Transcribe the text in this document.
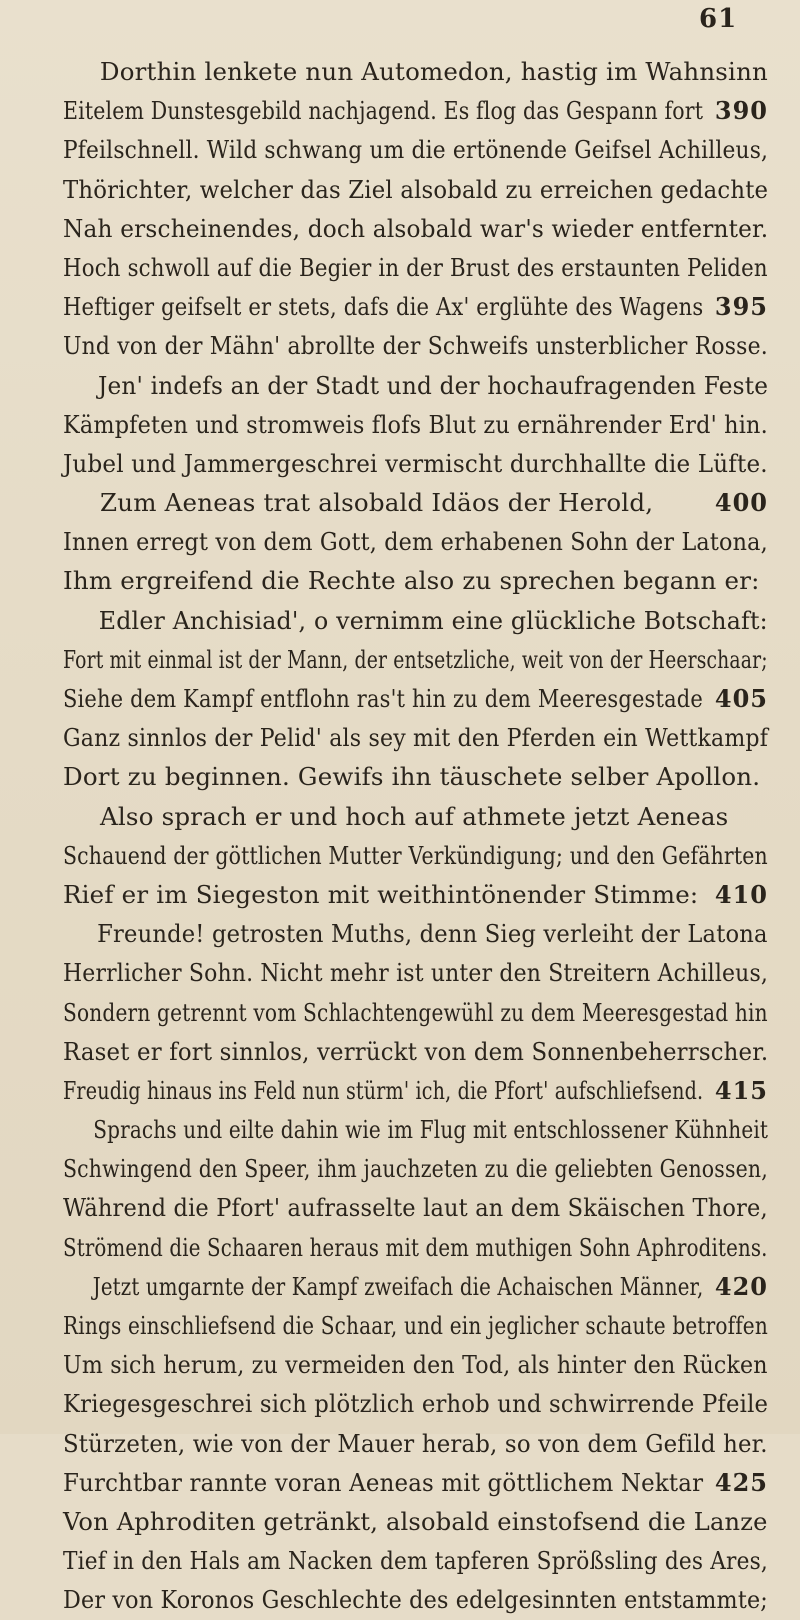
61
Dorthin lenkete nun Automedon, hastig im Wahnsinn
Eitelem Dunstesgebild nachjagend. Es flog das Gespann fort 390
Pfeilschnell. Wild schwang um die ertönende Geifsel Achilleus,
Thörichter, welcher das Ziel alsobald zu erreichen gedachte
Nah erscheinendes, doch alsobald war's wieder entfernter.
Hoch schwoll auf die Begier in der Brust des erstaunten Peliden
Heftiger geifselt er stets, dafs die Ax' erglühte des Wagens 395
Und von der Mähn' abrollte der Schweifs unsterblicher Rosse.
Jen' indefs an der Stadt und der hochaufragenden Feste
Kämpfeten und stromweis flofs Blut zu ernährender Erd' hin.
Jubel und Jammergeschrei vermischt durchhallte die Lüfte.
Zum Aeneas trat alsobald Idäos der Herold,	400
Innen erregt von dem Gott, dem erhabenen Sohn der Latona,
Ihm ergreifend die Rechte also zu sprechen begann er:
Edler Anchisiad', o vernimm eine glückliche Botschaft:
Fort mit einmal ist der Mann, der entsetzliche, weit von der Heerschaar;
Siehe dem Kampf entflohn ras't hin zu dem Meeresgestade 405
Ganz sinnlos der Pelid' als sey mit den Pferden ein Wettkampf
Dort zu beginnen. Gewifs ihn täuschete selber Apollon.
Also sprach er und hoch auf athmete jetzt Aeneas
Schauend der göttlichen Mutter Verkündigung; und den Gefährten
Rief er im Siegeston mit weithintönender Stimme: 410
Freunde! getrosten Muths, denn Sieg verleiht der Latona
Herrlicher Sohn. Nicht mehr ist unter den Streitern Achilleus,
Sondern getrennt vom Schlachtengewühl zu dem Meeresgestad hin
Raset er fort sinnlos, verrückt von dem Sonnenbeherrscher.
Freudig hinaus ins Feld nun stürm' ich, die Pfort' aufschliefsend. 415
Sprachs und eilte dahin wie im Flug mit entschlossener Kühnheit
Schwingend den Speer, ihm jauchzeten zu die geliebten Genossen,
Während die Pfort' aufrasselte laut an dem Skäischen Thore,
Strömend die Schaaren heraus mit dem muthigen Sohn Aphroditens.
Jetzt umgarnte der Kampf zweifach die Achaischen Männer, 420
Rings einschliefsend die Schaar, und ein jeglicher schaute betroffen
Um sich herum, zu vermeiden den Tod, als hinter den Rücken
Kriegesgeschrei sich plötzlich erhob und schwirrende Pfeile
Stürzeten, wie von der Mauer herab, so von dem Gefild her.
Furchtbar rannte voran Aeneas mit göttlichem Nektar 425
Von Aphroditen getränkt, alsobald einstofsend die Lanze
Tief in den Hals am Nacken dem tapferen Sprößsling des Ares,
Der von Koronos Geschlechte des edelgesinnten entstammte;
